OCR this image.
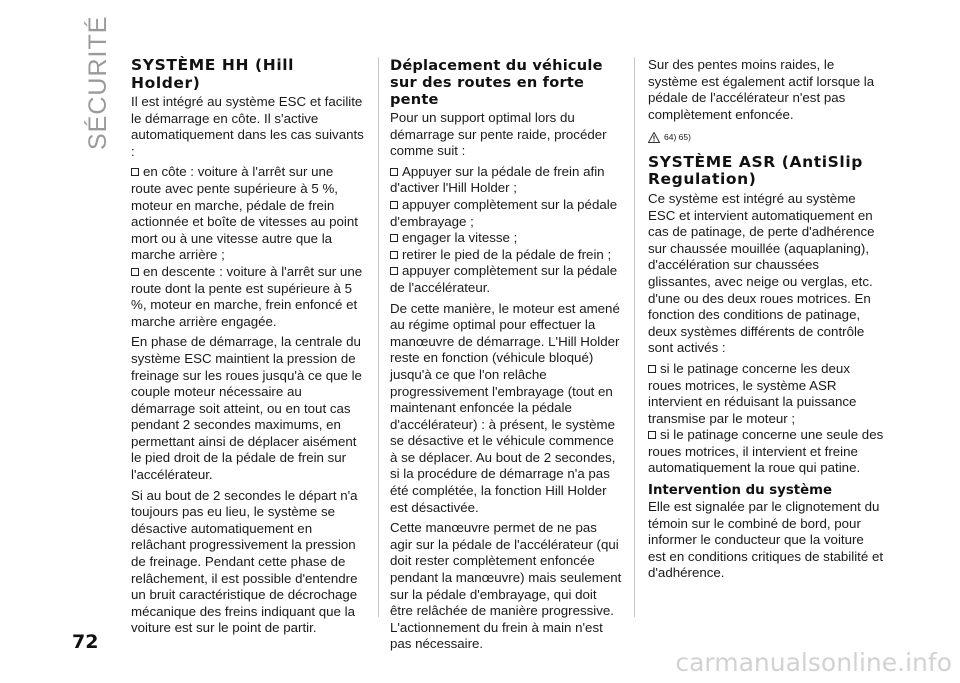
SÉCURITÉ SYSTÈME HH (Hill Holder)

Il est intégré au système ESC et facilite le démarrage en côte. Il s'active automatiquement dans les cas suivants :

en côte : voiture à l'arrêt sur une route avec pente supérieure à 5 %, moteur en marche, pédale de frein actionnée et boîte de vitesses au point mort ou à une vitesse autre que la marche arrière ;

en descente : voiture à l'arrêt sur une route dont la pente est supérieure à 5 %, moteur en marche, frein enfoncé et marche arrière engagée.

En phase de démarrage, la centrale du système ESC maintient la pression de freinage sur les roues jusqu'à ce que le couple moteur nécessaire au démarrage soit atteint, ou en tout cas pendant 2 secondes maximums, en permettant ainsi de déplacer aisément le pied droit de la pédale de frein sur l'accélérateur.

Si au bout de 2 secondes le départ n'a toujours pas eu lieu, le système se désactive automatiquement en relâchant progressivement la pression de freinage. Pendant cette phase de relâchement, il est possible d'entendre un bruit caractéristique de décrochage mécanique des freins indiquant que la voiture est sur le point de partir.

Déplacement du véhicule sur des routes en forte pente

Pour un support optimal lors du démarrage sur pente raide, procéder comme suit :

Appuyer sur la pédale de frein afin d'activer l'Hill Holder ;

appuyer complètement sur la pédale d'embrayage ;

engager la vitesse ;

retirer le pied de la pédale de frein ;

appuyer complètement sur la pédale de l'accélérateur.

De cette manière, le moteur est amené au régime optimal pour effectuer la manœuvre de démarrage. L'Hill Holder reste en fonction (véhicule bloqué) jusqu'à ce que l'on relâche progressivement l'embrayage (tout en maintenant enfoncée la pédale d'accélérateur) : à présent, le système se désactive et le véhicule commence à se déplacer. Au bout de 2 secondes, si la procédure de démarrage n'a pas été complétée, la fonction Hill Holder est désactivée.

Cette manœuvre permet de ne pas agir sur la pédale de l'accélérateur (qui doit rester complètement enfoncée pendant la manœuvre) mais seulement sur la pédale d'embrayage, qui doit être relâchée de manière progressive. L'actionnement du frein à main n'est pas nécessaire.

Sur des pentes moins raides, le système est également actif lorsque la pédale de l'accélérateur n'est pas complètement enfoncée.

64) 65)
SYSTÈME ASR (AntiSlip Regulation)

Ce système est intégré au système ESC et intervient automatiquement en cas de patinage, de perte d'adhérence sur chaussée mouillée (aquaplaning), d'accélération sur chaussées glissantes, avec neige ou verglas, etc. d'une ou des deux roues motrices. En fonction des conditions de patinage, deux systèmes différents de contrôle sont activés :

si le patinage concerne les deux roues motrices, le système ASR intervient en réduisant la puissance transmise par le moteur ;

si le patinage concerne une seule des roues motrices, il intervient et freine automatiquement la roue qui patine.

Intervention du système

Elle est signalée par le clignotement du témoin sur le combiné de bord, pour informer le conducteur que la voiture est en conditions critiques de stabilité et d'adhérence.

72
carmanualsonline.info
